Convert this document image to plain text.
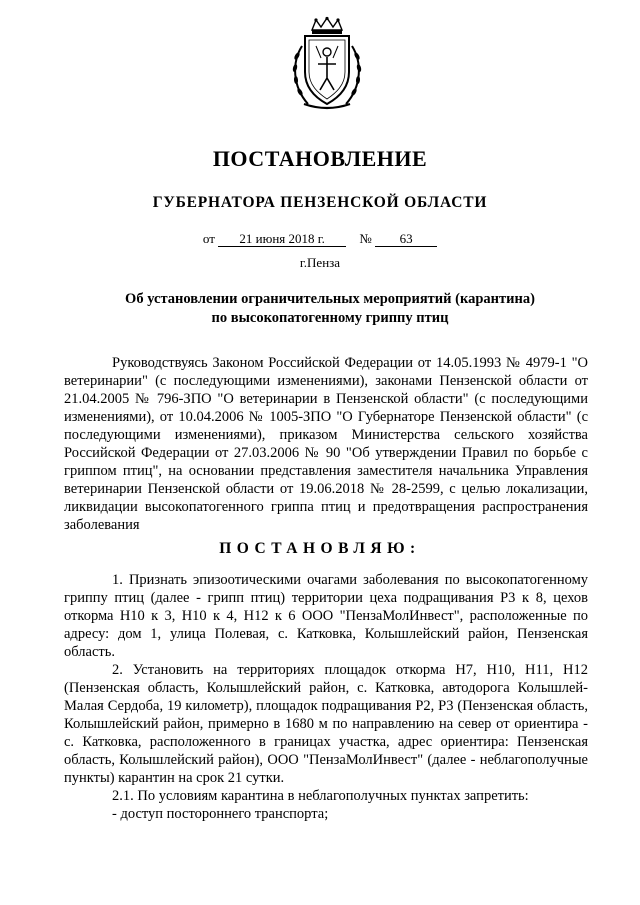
ПОСТАНОВЛЕНИЕ
ГУБЕРНАТОРА ПЕНЗЕНСКОЙ ОБЛАСТИ
от 21 июня 2018 г.	№ 63
г.Пенза
Об установлении ограничительных мероприятий (карантина)
по высокопатогенному гриппу птиц

Руководствуясь Законом Российской Федерации от 14.05.1993 № 4979-1 "О ветеринарии" (с последующими изменениями), законами Пензенской области от 21.04.2005 № 796-ЗПО "О ветеринарии в Пензенской области" (с последующими изменениями), от 10.04.2006 № 1005-ЗПО "О Губернаторе Пензенской области" (с последующими изменениями), приказом Министерства сельского хозяйства Российской Федерации от 27.03.2006 № 90 "Об утверждении Правил по борьбе с гриппом птиц", на основании представления заместителя начальника Управления ветеринарии Пензенской области от 19.06.2018 № 28-2599, с целью локализации, ликвидации высокопатогенного гриппа птиц и предотвращения распространения заболевания

ПОСТАНОВЛЯЮ:

1. Признать эпизоотическими очагами заболевания по высокопатогенному гриппу птиц (далее - грипп птиц) территории цеха подращивания Р3 к 8, цехов откорма Н10 к 3, Н10 к 4, Н12 к 6 ООО "ПензаМолИнвест", расположенные по адресу: дом 1, улица Полевая, с. Катковка, Колышлейский район, Пензенская область.

2. Установить на территориях площадок откорма Н7, Н10, Н11, Н12 (Пензенская область, Колышлейский район, с. Катковка, автодорога Колышлей-Малая Сердоба, 19 километр), площадок подращивания Р2, Р3 (Пензенская область, Колышлейский район, примерно в 1680 м по направлению на север от ориентира - с. Катковка, расположенного в границах участка, адрес ориентира: Пензенская область, Колышлейский район), ООО "ПензаМолИнвест" (далее - неблагополучные пункты) карантин на срок 21 сутки.

2.1. По условиям карантина в неблагополучных пунктах запретить:

- доступ постороннего транспорта;
